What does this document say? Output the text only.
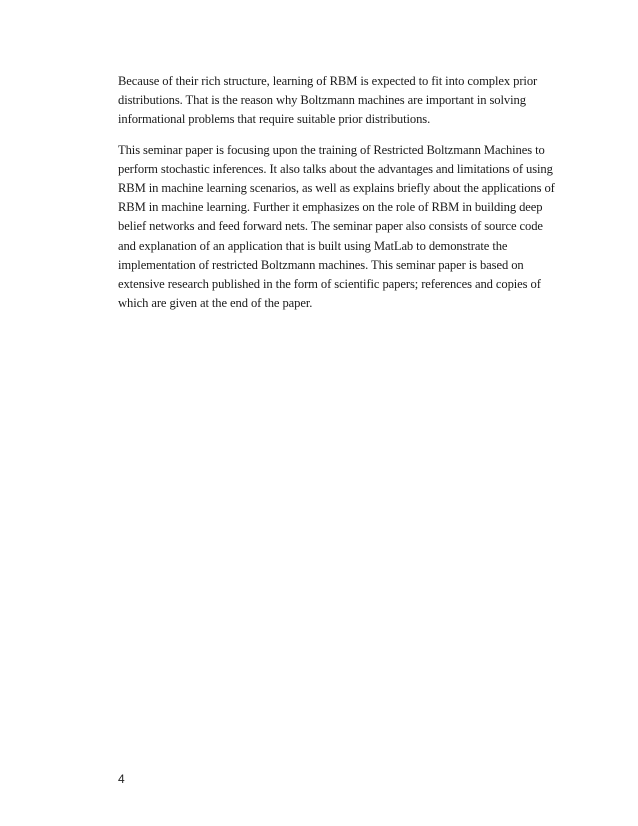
Because of their rich structure, learning of RBM is expected to fit into complex prior
distributions. That is the reason why Boltzmann machines are important in solving
informational problems that require suitable prior distributions.

This seminar paper is focusing upon the training of Restricted Boltzmann Machines to
perform stochastic inferences. It also talks about the advantages and limitations of using
RBM in machine learning scenarios, as well as explains briefly about the applications of
RBM in machine learning. Further it emphasizes on the role of RBM in building deep
belief networks and feed forward nets. The seminar paper also consists of source code
and explanation of an application that is built using MatLab to demonstrate the
implementation of restricted Boltzmann machines. This seminar paper is based on
extensive research published in the form of scientific papers; references and copies of
which are given at the end of the paper.

4
